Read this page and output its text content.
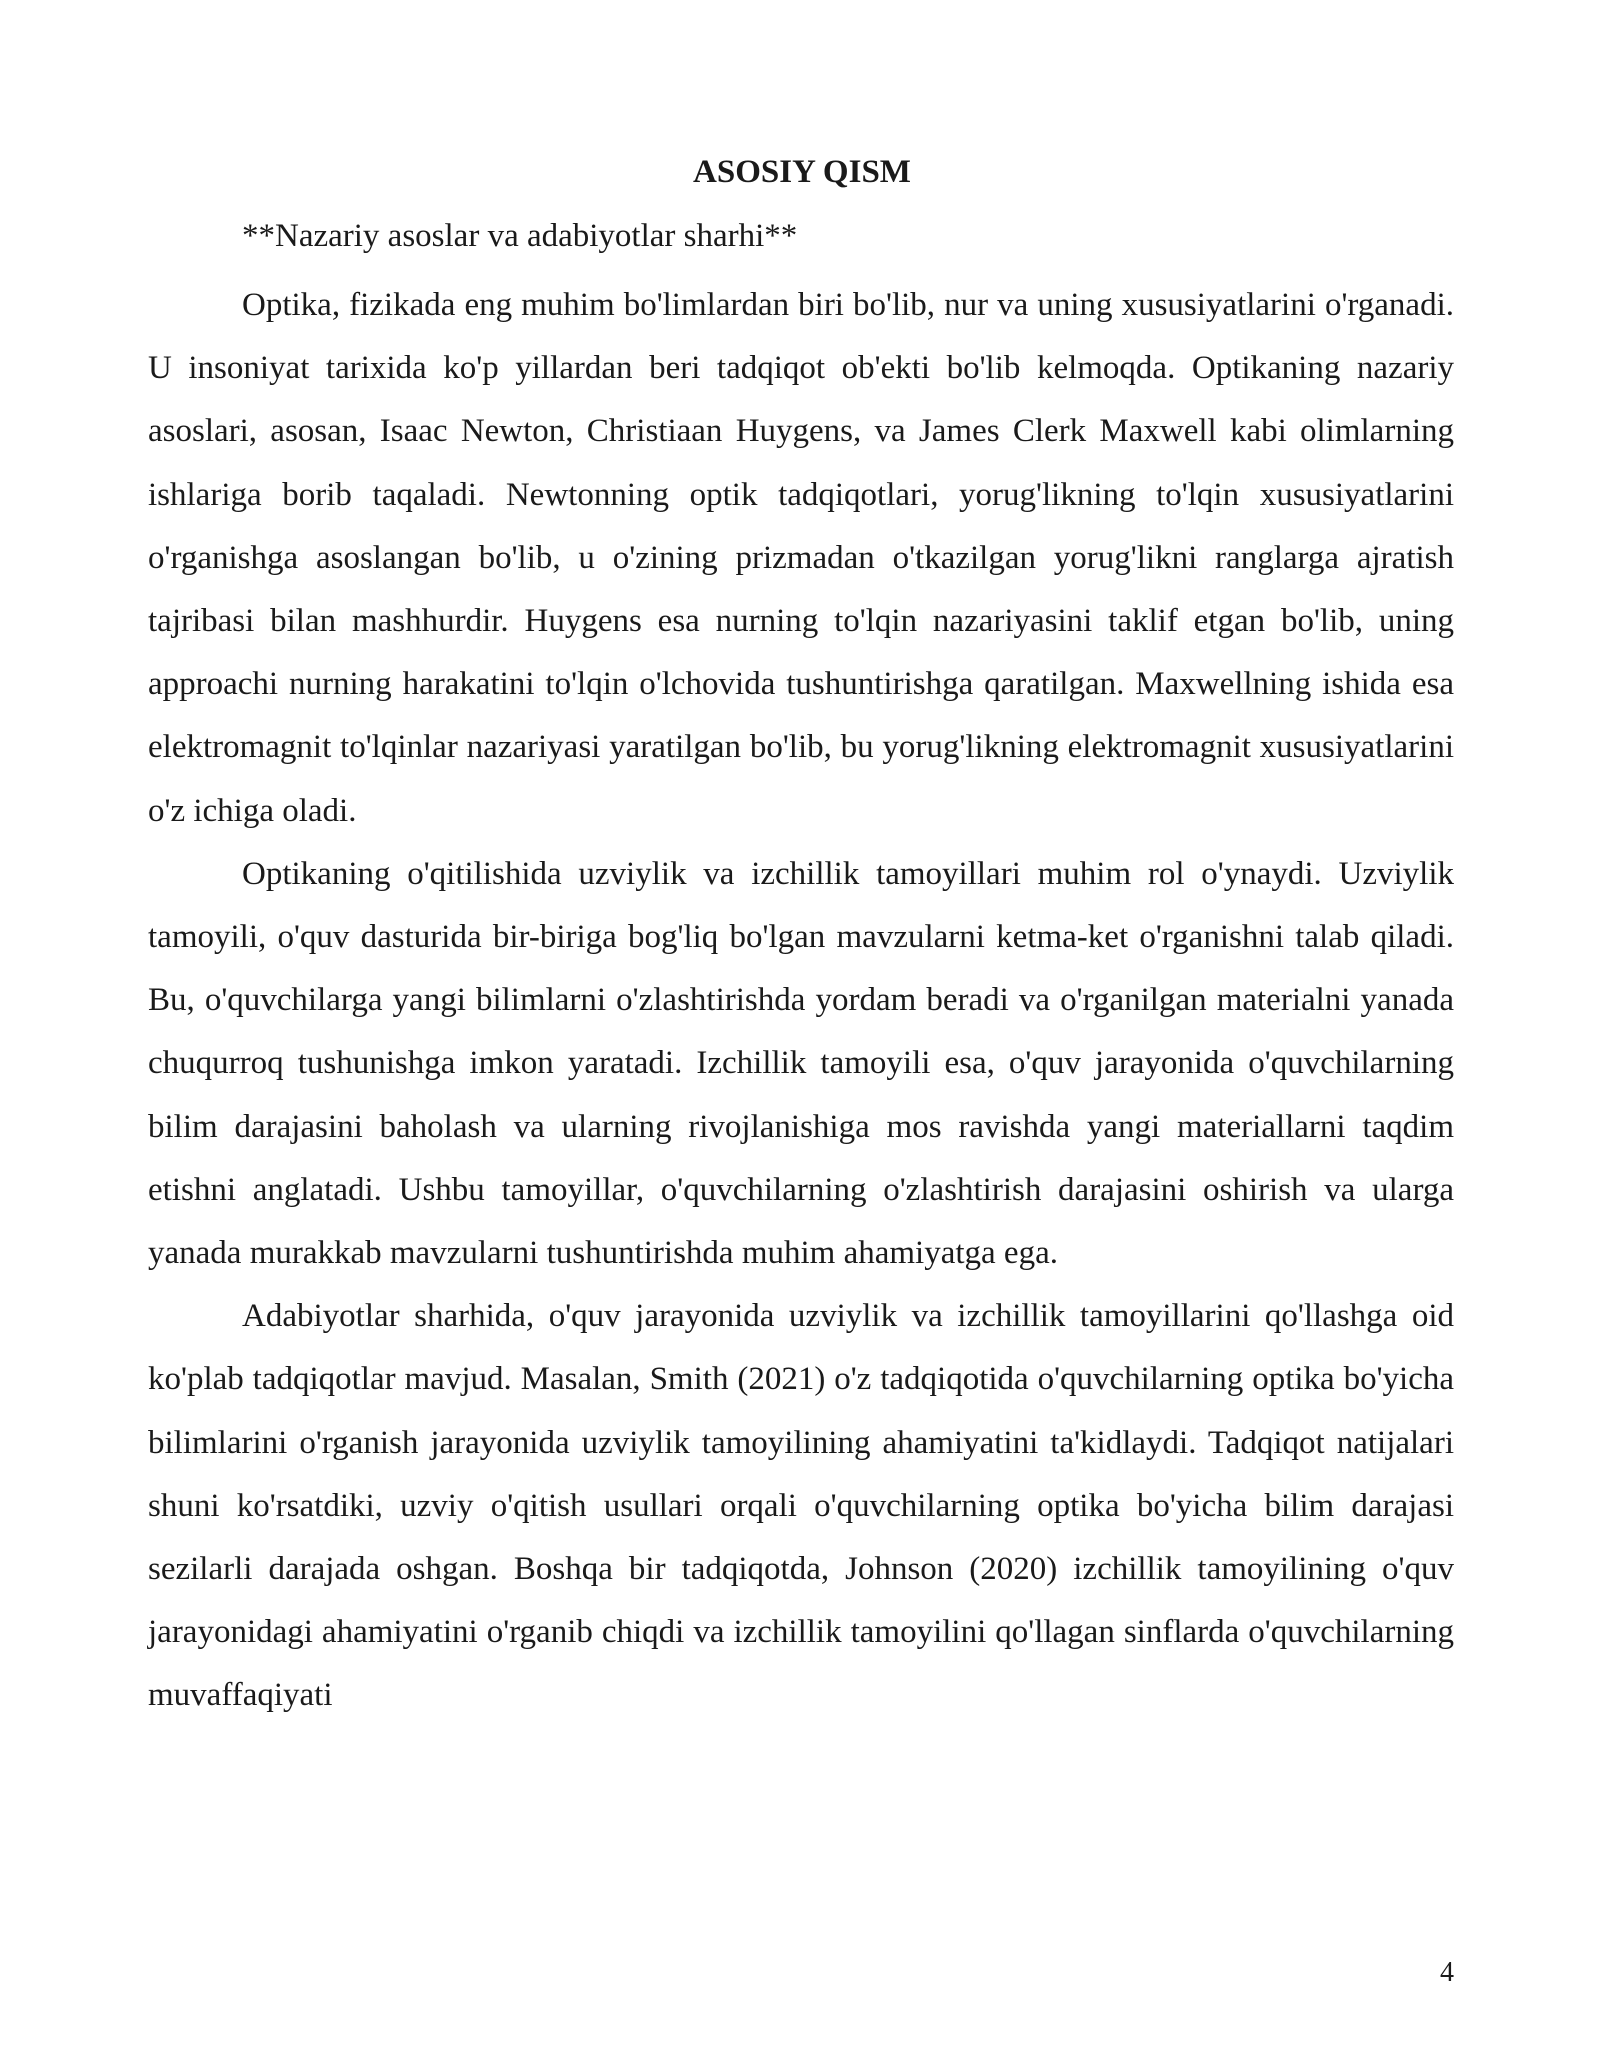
ASOSIY QISM

**Nazariy asoslar va adabiyotlar sharhi**

Optika, fizikada eng muhim bo'limlardan biri bo'lib, nur va uning xususiyatlarini o'rganadi. U insoniyat tarixida ko'p yillardan beri tadqiqot ob'ekti bo'lib kelmoqda. Optikaning nazariy asoslari, asosan, Isaac Newton, Christiaan Huygens, va James Clerk Maxwell kabi olimlarning ishlariga borib taqaladi. Newtonning optik tadqiqotlari, yorug'likning to'lqin xususiyatlarini o'rganishga asoslangan bo'lib, u o'zining prizmadan o'tkazilgan yorug'likni ranglarga ajratish tajribasi bilan mashhurdir. Huygens esa nurning to'lqin nazariyasini taklif etgan bo'lib, uning approachi nurning harakatini to'lqin o'lchovida tushuntirishga qaratilgan. Maxwellning ishida esa elektromagnit to'lqinlar nazariyasi yaratilgan bo'lib, bu yorug'likning elektromagnit xususiyatlarini o'z ichiga oladi.

Optikaning o'qitilishida uzviylik va izchillik tamoyillari muhim rol o'ynaydi. Uzviylik tamoyili, o'quv dasturida bir-biriga bog'liq bo'lgan mavzularni ketma-ket o'rganishni talab qiladi. Bu, o'quvchilarga yangi bilimlarni o'zlashtirishda yordam beradi va o'rganilgan materialni yanada chuqurroq tushunishga imkon yaratadi. Izchillik tamoyili esa, o'quv jarayonida o'quvchilarning bilim darajasini baholash va ularning rivojlanishiga mos ravishda yangi materiallarni taqdim etishni anglatadi. Ushbu tamoyillar, o'quvchilarning o'zlashtirish darajasini oshirish va ularga yanada murakkab mavzularni tushuntirishda muhim ahamiyatga ega.

Adabiyotlar sharhida, o'quv jarayonida uzviylik va izchillik tamoyillarini qo'llashga oid ko'plab tadqiqotlar mavjud. Masalan, Smith (2021) o'z tadqiqotida o'quvchilarning optika bo'yicha bilimlarini o'rganish jarayonida uzviylik tamoyilining ahamiyatini ta'kidlaydi. Tadqiqot natijalari shuni ko'rsatdiki, uzviy o'qitish usullari orqali o'quvchilarning optika bo'yicha bilim darajasi sezilarli darajada oshgan. Boshqa bir tadqiqotda, Johnson (2020) izchillik tamoyilining o'quv jarayonidagi ahamiyatini o'rganib chiqdi va izchillik tamoyilini qo'llagan sinflarda o'quvchilarning muvaffaqiyati

4
